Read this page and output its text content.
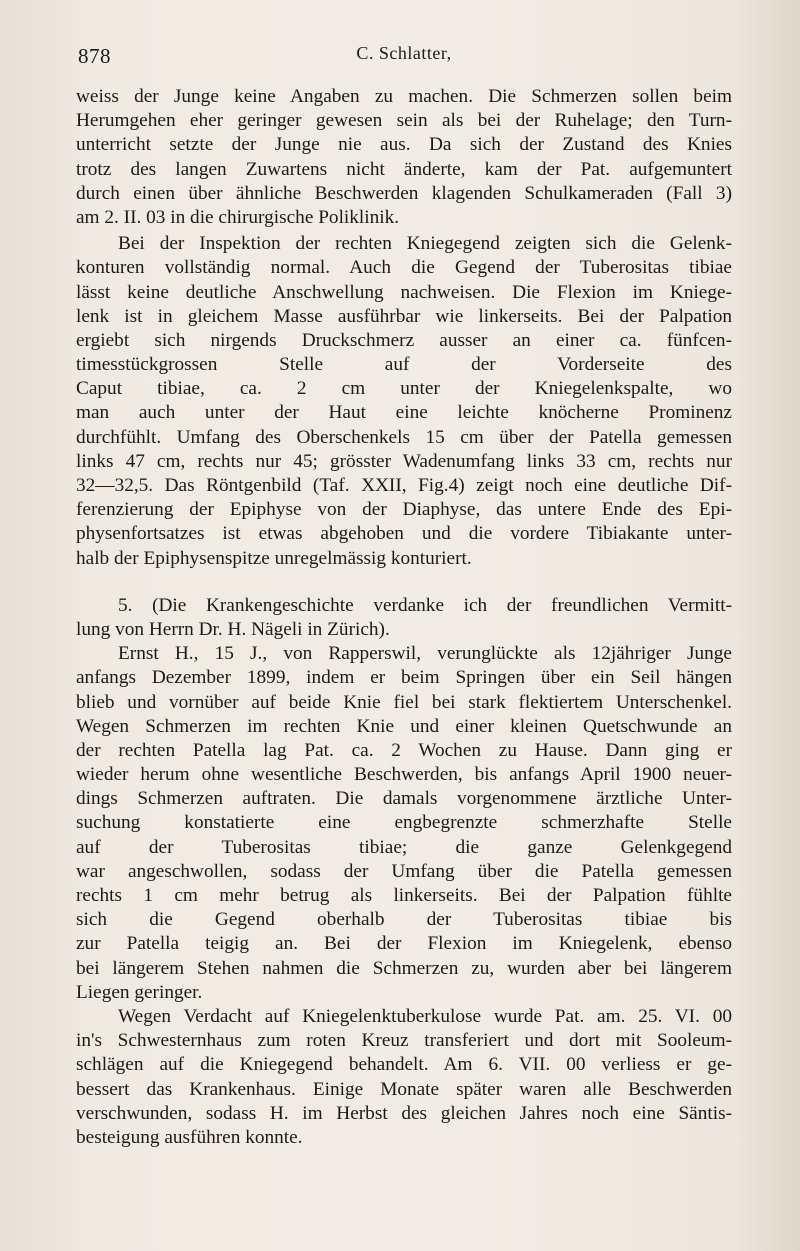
878	C. Schlatter,
weiss der Junge keine Angaben zu machen. Die Schmerzen sollen beim
Herumgehen eher geringer gewesen sein als bei der Ruhelage; den Turn-
unterricht setzte der Junge nie aus. Da sich der Zustand des Knies
trotz des langen Zuwartens nicht änderte, kam der Pat. aufgemuntert
durch einen über ähnliche Beschwerden klagenden Schulkameraden (Fall 3)
am 2. II. 03 in die chirurgische Poliklinik.
Bei der Inspektion der rechten Kniegegend zeigten sich die Gelenk-
konturen vollständig normal. Auch die Gegend der Tuberositas tibiae
lässt keine deutliche Anschwellung nachweisen. Die Flexion im Kniege-
lenk ist in gleichem Masse ausführbar wie linkerseits. Bei der Palpation
ergiebt sich nirgends Druckschmerz ausser an einer ca. fünfcen-
timesstückgrossen Stelle auf der Vorderseite des
Caput tibiae, ca. 2 cm unter der Kniegelenkspalte, wo
man auch unter der Haut eine leichte knöcherne Prominenz
durchfühlt. Umfang des Oberschenkels 15 cm über der Patella gemessen
links 47 cm, rechts nur 45; grösster Wadenumfang links 33 cm, rechts nur
32—32,5. Das Röntgenbild (Taf. XXII, Fig.4) zeigt noch eine deutliche Dif-
ferenzierung der Epiphyse von der Diaphyse, das untere Ende des Epi-
physenfortsatzes ist etwas abgehoben und die vordere Tibiakante unter-
halb der Epiphysenspitze unregelmässig konturiert.
5. (Die Krankengeschichte verdanke ich der freundlichen Vermitt-
lung von Herrn Dr. H. Nägeli in Zürich).
Ernst H., 15 J., von Rapperswil, verunglückte als 12jähriger Junge
anfangs Dezember 1899, indem er beim Springen über ein Seil hängen
blieb und vornüber auf beide Knie fiel bei stark flektiertem Unterschenkel.
Wegen Schmerzen im rechten Knie und einer kleinen Quetschwunde an
der rechten Patella lag Pat. ca. 2 Wochen zu Hause. Dann ging er
wieder herum ohne wesentliche Beschwerden, bis anfangs April 1900 neuer-
dings Schmerzen auftraten. Die damals vorgenommene ärztliche Unter-
suchung konstatierte eine engbegrenzte schmerzhafte Stelle
auf der Tuberositas tibiae; die ganze Gelenkgegend
war angeschwollen, sodass der Umfang über die Patella gemessen
rechts 1 cm mehr betrug als linkerseits. Bei der Palpation fühlte
sich die Gegend oberhalb der Tuberositas tibiae bis
zur Patella teigig an. Bei der Flexion im Kniegelenk, ebenso
bei längerem Stehen nahmen die Schmerzen zu, wurden aber bei längerem
Liegen geringer.
Wegen Verdacht auf Kniegelenktuberkulose wurde Pat. am. 25. VI. 00
in's Schwesternhaus zum roten Kreuz transferiert und dort mit Sooleum-
schlägen auf die Kniegegend behandelt. Am 6. VII. 00 verliess er ge-
bessert das Krankenhaus. Einige Monate später waren alle Beschwerden
verschwunden, sodass H. im Herbst des gleichen Jahres noch eine Säntis-
besteigung ausführen konnte.
